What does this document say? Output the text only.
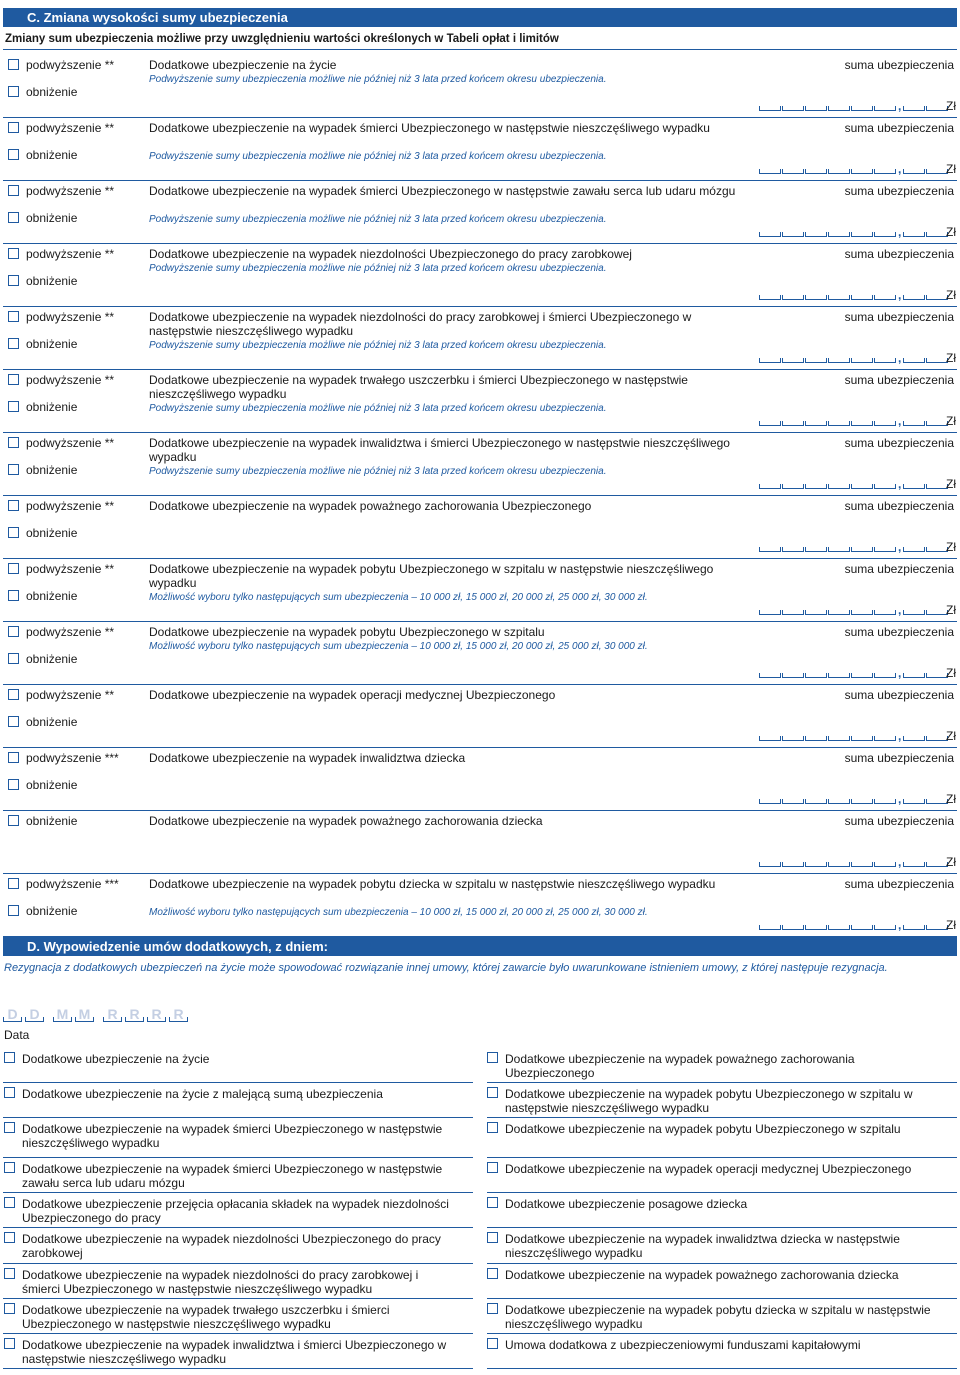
C. Zmiana wysokości sumy ubezpieczenia
Zmiany sum ubezpieczenia możliwe przy uwzględnieniu wartości określonych w Tabeli opłat i limitów
podwyższenie **
obniżenie
Dodatkowe ubezpieczenie na życie
Podwyższenie sumy ubezpieczenia możliwe nie później niż 3 lata przed końcem okresu ubezpieczenia.
suma ubezpieczenia
,	Zł
podwyższenie **
obniżenie
Dodatkowe ubezpieczenie na wypadek śmierci Ubezpieczonego w następstwie nieszczęśliwego wypadku
Podwyższenie sumy ubezpieczenia możliwe nie później niż 3 lata przed końcem okresu ubezpieczenia.
suma ubezpieczenia
,	Zł
podwyższenie **
obniżenie
Dodatkowe ubezpieczenie na wypadek śmierci Ubezpieczonego w następstwie zawału serca lub udaru mózgu
Podwyższenie sumy ubezpieczenia możliwe nie później niż 3 lata przed końcem okresu ubezpieczenia.
suma ubezpieczenia
,	Zł
podwyższenie **
obniżenie
Dodatkowe ubezpieczenie na wypadek niezdolności Ubezpieczonego do pracy zarobkowej
Podwyższenie sumy ubezpieczenia możliwe nie później niż 3 lata przed końcem okresu ubezpieczenia.
suma ubezpieczenia
,	Zł
podwyższenie **
obniżenie
Dodatkowe ubezpieczenie na wypadek niezdolności do pracy zarobkowej i śmierci Ubezpieczonego w następstwie nieszczęśliwego wypadku
Podwyższenie sumy ubezpieczenia możliwe nie później niż 3 lata przed końcem okresu ubezpieczenia.
suma ubezpieczenia
,	Zł
podwyższenie **
obniżenie
Dodatkowe ubezpieczenie na wypadek trwałego uszczerbku i śmierci Ubezpieczonego w następstwie nieszczęśliwego wypadku
Podwyższenie sumy ubezpieczenia możliwe nie później niż 3 lata przed końcem okresu ubezpieczenia.
suma ubezpieczenia
,	Zł
podwyższenie **
obniżenie
Dodatkowe ubezpieczenie na wypadek inwalidztwa i śmierci Ubezpieczonego w następstwie nieszczęśliwego wypadku
Podwyższenie sumy ubezpieczenia możliwe nie później niż 3 lata przed końcem okresu ubezpieczenia.
suma ubezpieczenia
,	Zł
podwyższenie **
obniżenie
Dodatkowe ubezpieczenie na wypadek poważnego zachorowania Ubezpieczonego	suma ubezpieczenia
,	Zł
podwyższenie **
obniżenie
Dodatkowe ubezpieczenie na wypadek pobytu Ubezpieczonego w szpitalu w następstwie nieszczęśliwego wypadku
Możliwość wyboru tylko następujących sum ubezpieczenia – 10 000 zł, 15 000 zł, 20 000 zł, 25 000 zł, 30 000 zł.
suma ubezpieczenia
,	Zł
podwyższenie **
obniżenie
Dodatkowe ubezpieczenie na wypadek pobytu Ubezpieczonego w szpitalu
Możliwość wyboru tylko następujących sum ubezpieczenia – 10 000 zł, 15 000 zł, 20 000 zł, 25 000 zł, 30 000 zł.
suma ubezpieczenia
,	Zł
podwyższenie **
obniżenie
Dodatkowe ubezpieczenie na wypadek operacji medycznej Ubezpieczonego	suma ubezpieczenia
,	Zł
podwyższenie ***
obniżenie
Dodatkowe ubezpieczenie na wypadek inwalidztwa dziecka	suma ubezpieczenia
,	Zł
obniżenie	Dodatkowe ubezpieczenie na wypadek poważnego zachorowania dziecka	suma ubezpieczenia
,	Zł
podwyższenie ***
obniżenie
Dodatkowe ubezpieczenie na wypadek pobytu dziecka w szpitalu w następstwie nieszczęśliwego wypadku
Możliwość wyboru tylko następujących sum ubezpieczenia – 10 000 zł, 15 000 zł, 20 000 zł, 25 000 zł, 30 000 zł.
suma ubezpieczenia
,	Zł
D. Wypowiedzenie umów dodatkowych, z dniem:
Rezygnacja z dodatkowych ubezpieczeń na życie może spowodować rozwiązanie innej umowy, której zawarcie było uwarunkowane istnieniem umowy, z której następuje rezygnacja.
D D	M M	R R R R
Data
Dodatkowe ubezpieczenie na życie
Dodatkowe ubezpieczenie na życie z malejącą sumą ubezpieczenia
Dodatkowe ubezpieczenie na wypadek śmierci Ubezpieczonego w następstwie nieszczęśliwego wypadku
Dodatkowe ubezpieczenie na wypadek śmierci Ubezpieczonego w następstwie zawału serca lub udaru mózgu
Dodatkowe ubezpieczenie przejęcia opłacania składek na wypadek niezdolności Ubezpieczonego do pracy
Dodatkowe ubezpieczenie na wypadek niezdolności Ubezpieczonego do pracy zarobkowej
Dodatkowe ubezpieczenie na wypadek niezdolności do pracy zarobkowej i śmierci Ubezpieczonego w następstwie nieszczęśliwego wypadku
Dodatkowe ubezpieczenie na wypadek trwałego uszczerbku i śmierci Ubezpieczonego w następstwie nieszczęśliwego wypadku
Dodatkowe ubezpieczenie na wypadek inwalidztwa i śmierci Ubezpieczonego w następstwie nieszczęśliwego wypadku
Dodatkowe ubezpieczenie na wypadek poważnego zachorowania Ubezpieczonego
Dodatkowe ubezpieczenie na wypadek pobytu Ubezpieczonego w szpitalu w następstwie nieszczęśliwego wypadku
Dodatkowe ubezpieczenie na wypadek pobytu Ubezpieczonego w szpitalu
Dodatkowe ubezpieczenie na wypadek operacji medycznej Ubezpieczonego
Dodatkowe ubezpieczenie posagowe dziecka
Dodatkowe ubezpieczenie na wypadek inwalidztwa dziecka w następstwie nieszczęśliwego wypadku
Dodatkowe ubezpieczenie na wypadek poważnego zachorowania dziecka
Dodatkowe ubezpieczenie na wypadek pobytu dziecka w szpitalu w następstwie nieszczęśliwego wypadku
Umowa dodatkowa z ubezpieczeniowymi funduszami kapitałowymi
